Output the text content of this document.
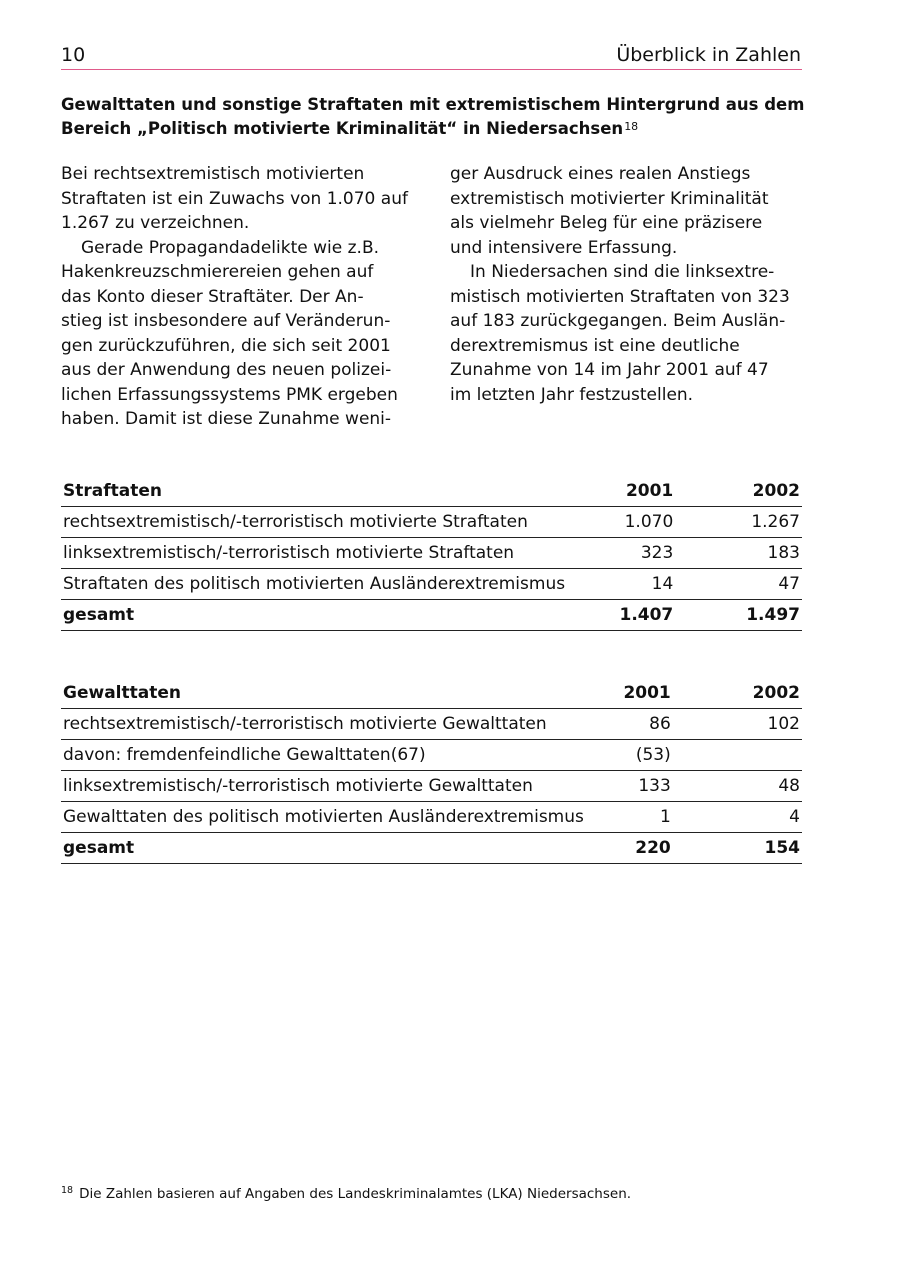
10	Überblick in Zahlen
Gewalttaten und sonstige Straftaten mit extremistischem Hintergrund aus dem Bereich „Politisch motivierte Kriminalität“ in Niedersachsen$^{18}$
Bei rechtsextremistisch motivierten
Straftaten ist ein Zuwachs von 1.070 auf
1.267 zu verzeichnen.
Gerade Propagandadelikte wie z.B.
Hakenkreuzschmierereien gehen auf
das Konto dieser Straftäter. Der An-
stieg ist insbesondere auf Veränderun-
gen zurückzuführen, die sich seit 2001
aus der Anwendung des neuen polizei-
lichen Erfassungssystems PMK ergeben
haben. Damit ist diese Zunahme weni-
ger Ausdruck eines realen Anstiegs
extremistisch motivierter Kriminalität
als vielmehr Beleg für eine präzisere
und intensivere Erfassung.
In Niedersachen sind die linksextre-
mistisch motivierten Straftaten von 323
auf 183 zurückgegangen. Beim Auslän-
derextremismus ist eine deutliche
Zunahme von 14 im Jahr 2001 auf 47
im letzten Jahr festzustellen.
Straftaten	2001	2002
rechtsextremistisch/-terroristisch motivierte Straftaten	1.070	1.267
linksextremistisch/-terroristisch motivierte Straftaten	323	183
Straftaten des politisch motivierten Ausländerextremismus	14	47
gesamt	1.407	1.497
Gewalttaten	2001	2002
rechtsextremistisch/-terroristisch motivierte Gewalttaten	86	102
davon: fremdenfeindliche Gewalttaten(67)	(53)	
linksextremistisch/-terroristisch motivierte Gewalttaten	133	48
Gewalttaten des politisch motivierten Ausländerextremismus	1	4
gesamt	220	154
$^{18}$ Die Zahlen basieren auf Angaben des Landeskriminalamtes (LKA) Niedersachsen.
